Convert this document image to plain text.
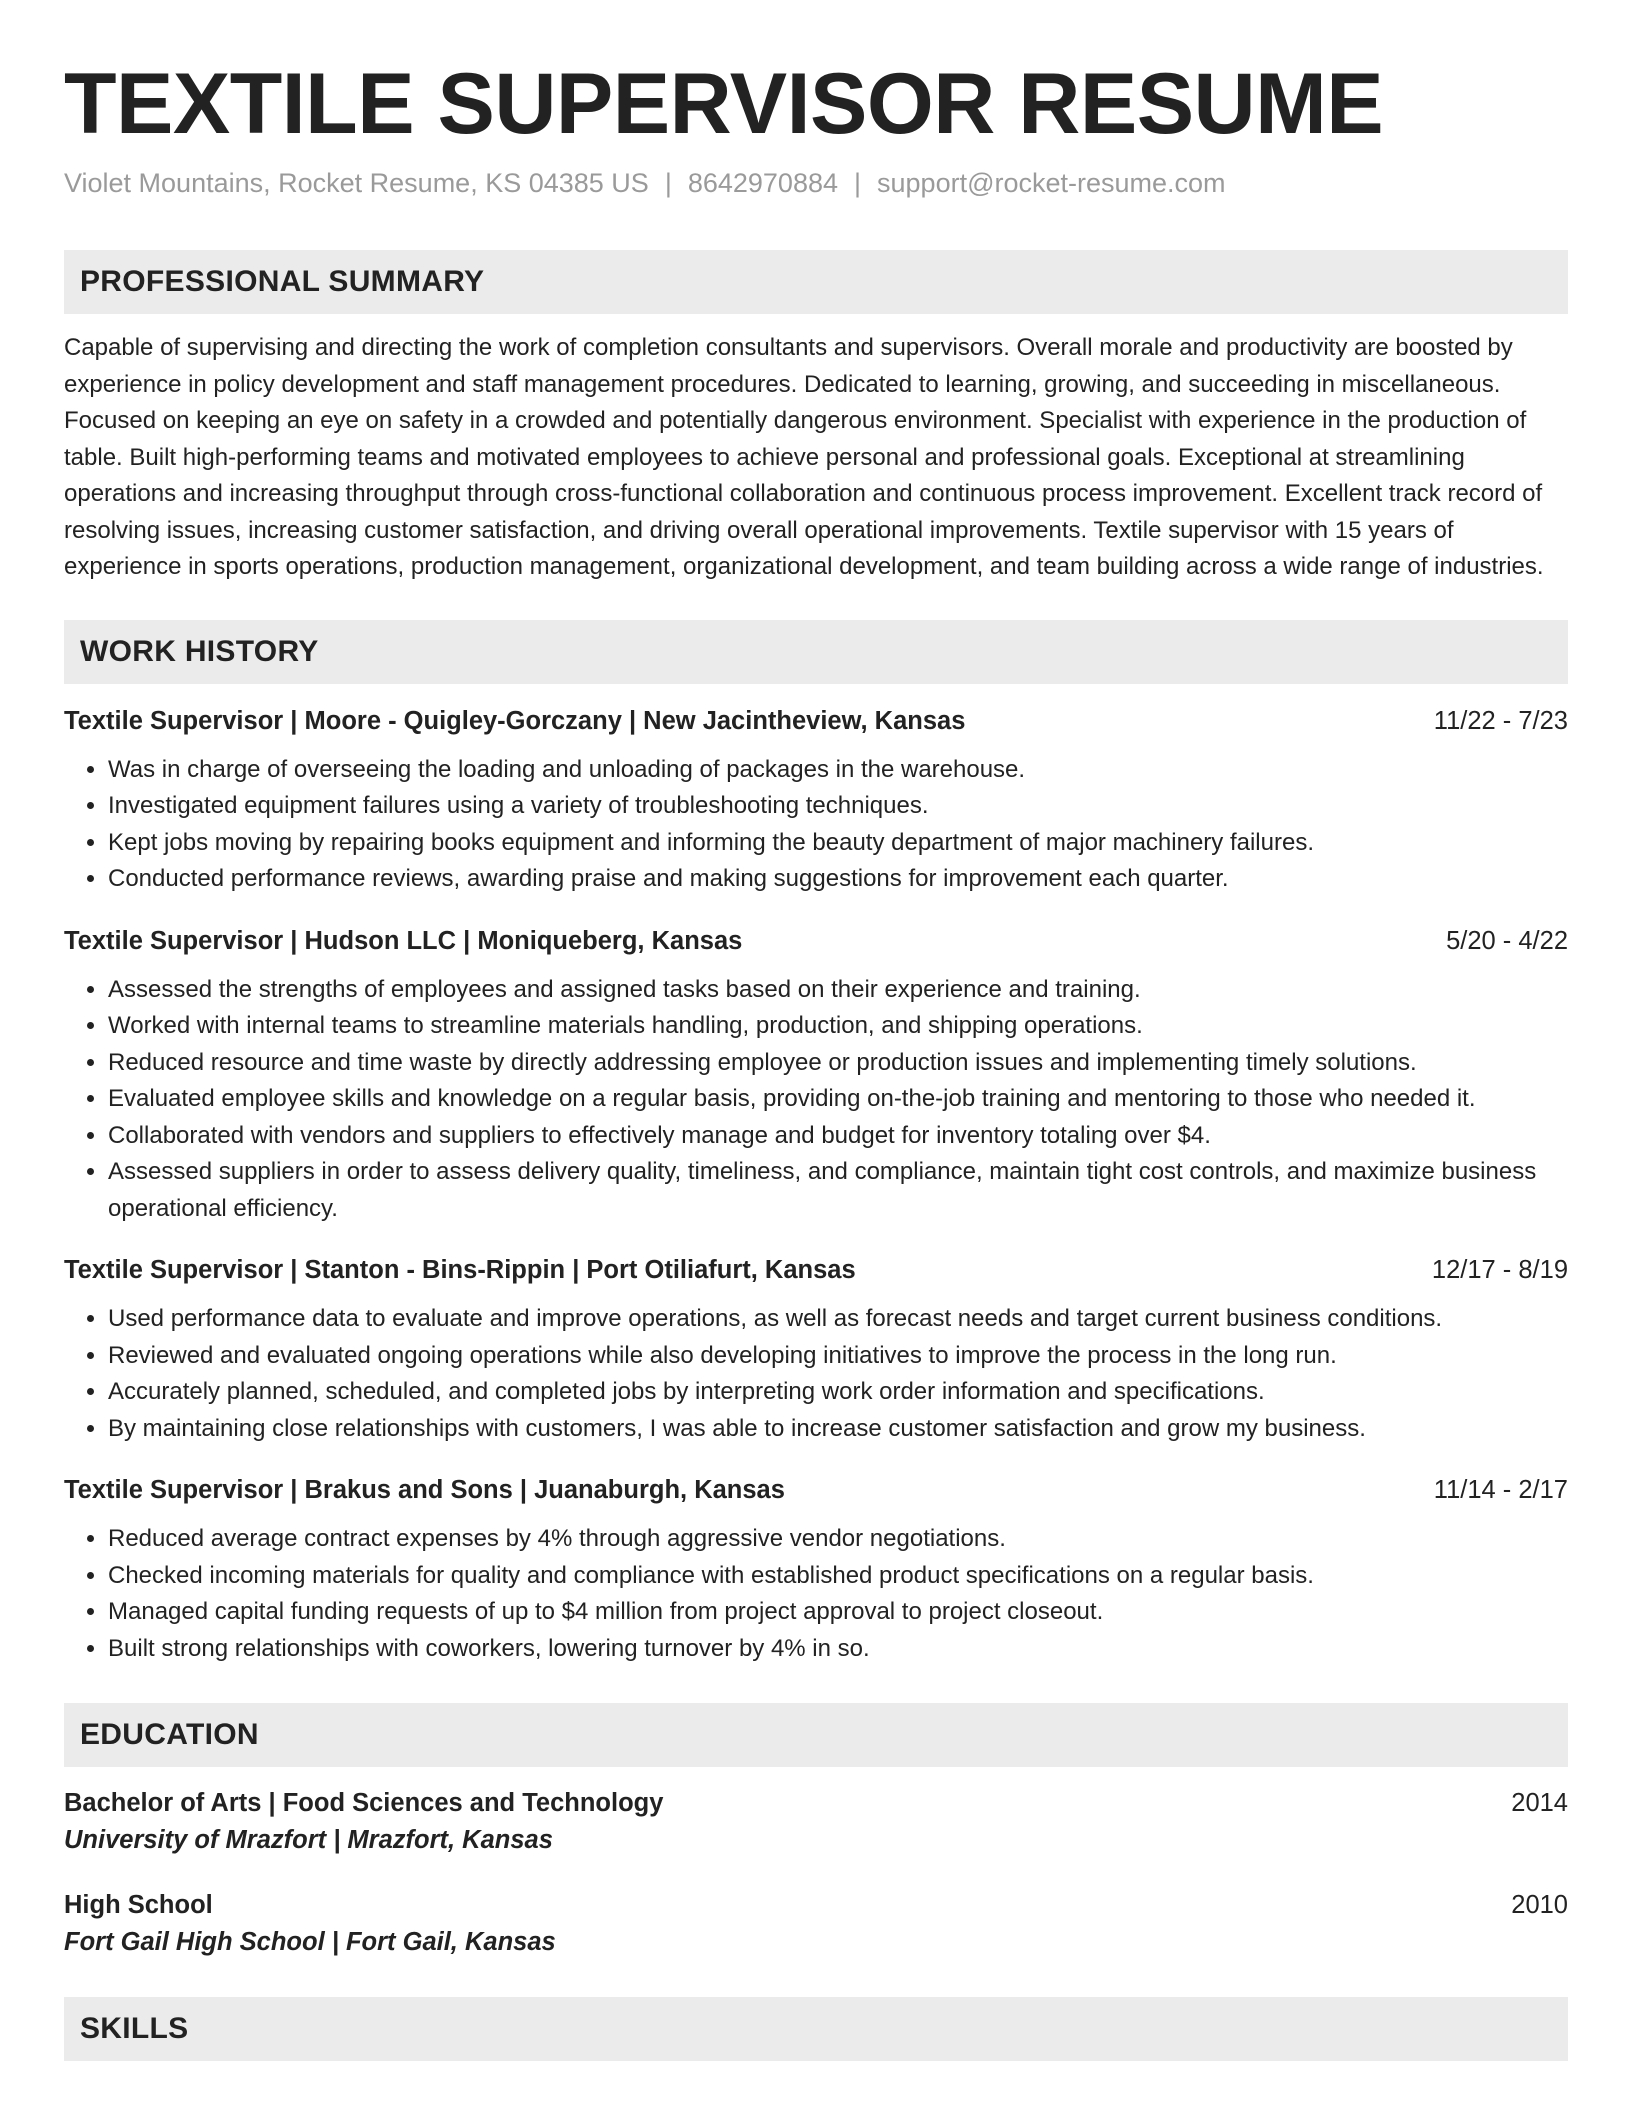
TEXTILE SUPERVISOR RESUME
Violet Mountains, Rocket Resume, KS 04385 US | 8642970884 | support@rocket-resume.com
PROFESSIONAL SUMMARY

Capable of supervising and directing the work of completion consultants and supervisors. Overall morale and productivity are boosted by experience in policy development and staff management procedures. Dedicated to learning, growing, and succeeding in miscellaneous. Focused on keeping an eye on safety in a crowded and potentially dangerous environment. Specialist with experience in the production of table. Built high-performing teams and motivated employees to achieve personal and professional goals. Exceptional at streamlining operations and increasing throughput through cross-functional collaboration and continuous process improvement. Excellent track record of resolving issues, increasing customer satisfaction, and driving overall operational improvements. Textile supervisor with 15 years of experience in sports operations, production management, organizational development, and team building across a wide range of industries.

WORK HISTORY
Textile Supervisor | Moore - Quigley-Gorczany | New Jacintheview, Kansas	11/22 - 7/23
• Was in charge of overseeing the loading and unloading of packages in the warehouse.
• Investigated equipment failures using a variety of troubleshooting techniques.
• Kept jobs moving by repairing books equipment and informing the beauty department of major machinery failures.
• Conducted performance reviews, awarding praise and making suggestions for improvement each quarter.
Textile Supervisor | Hudson LLC | Moniqueberg, Kansas	5/20 - 4/22
• Assessed the strengths of employees and assigned tasks based on their experience and training.
• Worked with internal teams to streamline materials handling, production, and shipping operations.
• Reduced resource and time waste by directly addressing employee or production issues and implementing timely solutions.
• Evaluated employee skills and knowledge on a regular basis, providing on-the-job training and mentoring to those who needed it.
• Collaborated with vendors and suppliers to effectively manage and budget for inventory totaling over $4.
• Assessed suppliers in order to assess delivery quality, timeliness, and compliance, maintain tight cost controls, and maximize business operational efficiency.
Textile Supervisor | Stanton - Bins-Rippin | Port Otiliafurt, Kansas	12/17 - 8/19
• Used performance data to evaluate and improve operations, as well as forecast needs and target current business conditions.
• Reviewed and evaluated ongoing operations while also developing initiatives to improve the process in the long run.
• Accurately planned, scheduled, and completed jobs by interpreting work order information and specifications.
• By maintaining close relationships with customers, I was able to increase customer satisfaction and grow my business.
Textile Supervisor | Brakus and Sons | Juanaburgh, Kansas	11/14 - 2/17
• Reduced average contract expenses by 4% through aggressive vendor negotiations.
• Checked incoming materials for quality and compliance with established product specifications on a regular basis.
• Managed capital funding requests of up to $4 million from project approval to project closeout.
• Built strong relationships with coworkers, lowering turnover by 4% in so.
EDUCATION
Bachelor of Arts | Food Sciences and Technology	2014
University of Mrazfort | Mrazfort, Kansas
High School	2010
Fort Gail High School | Fort Gail, Kansas
SKILLS
